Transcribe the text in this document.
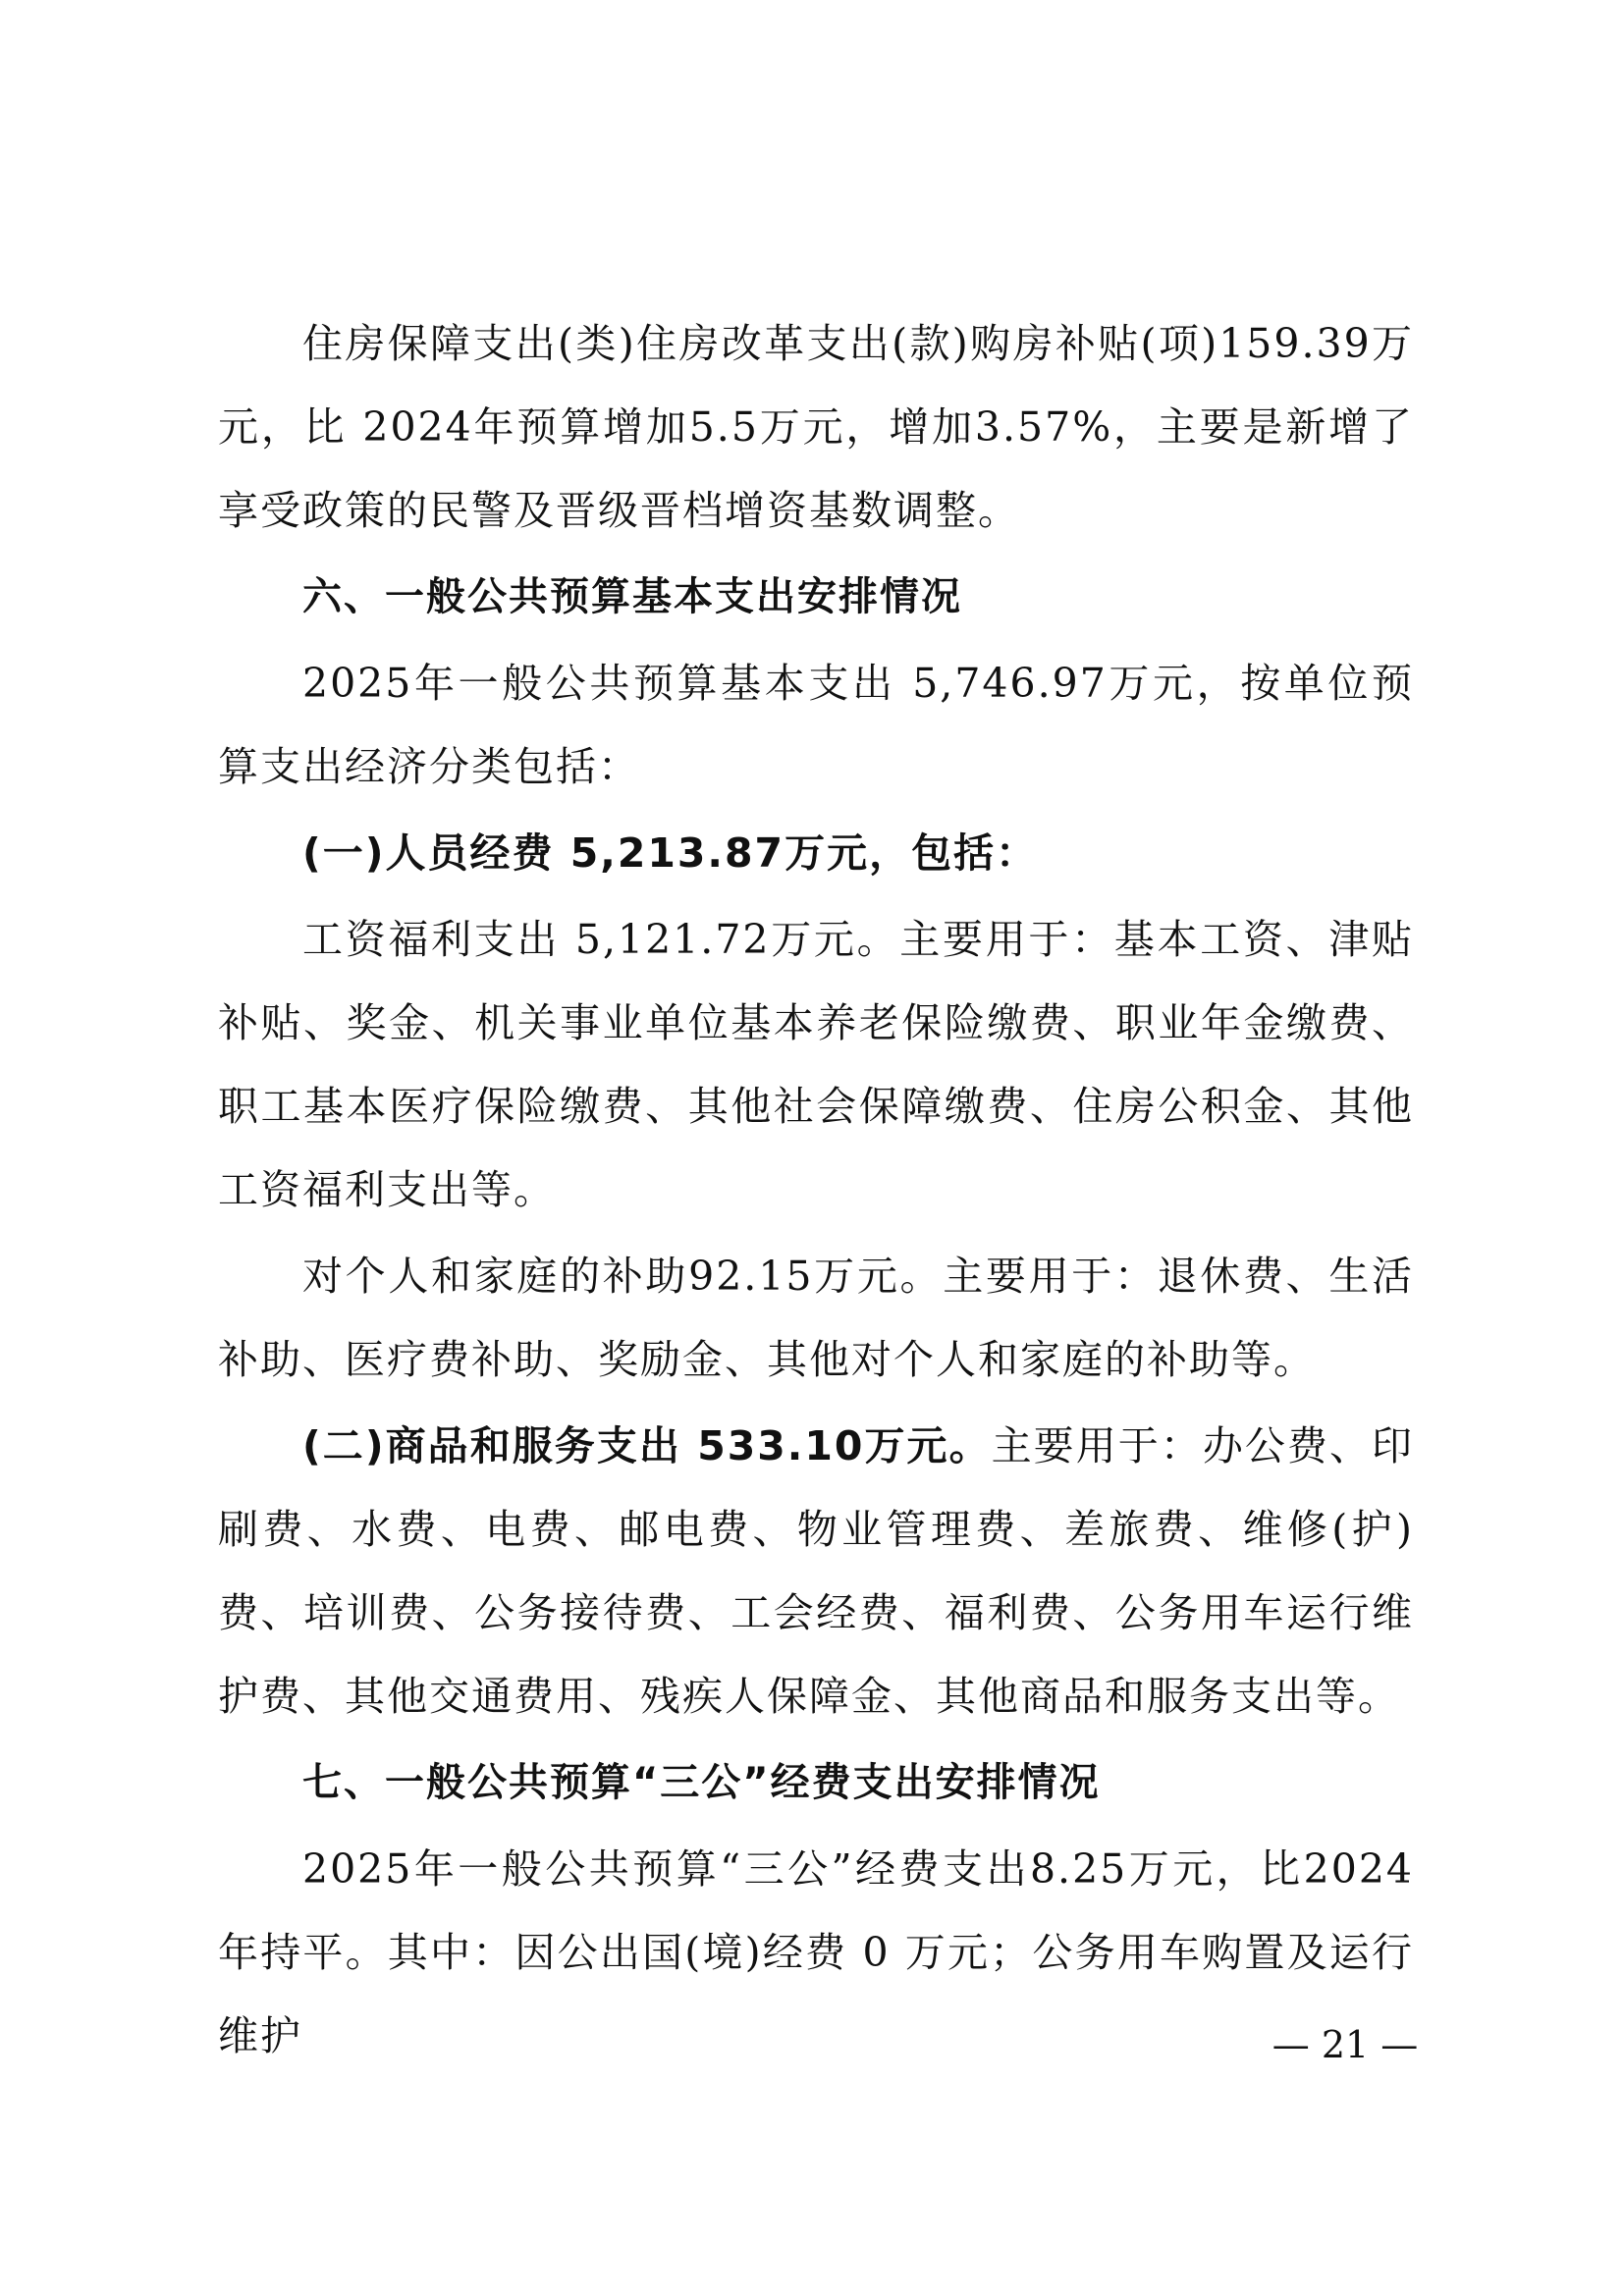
住房保障支出(类)住房改革支出(款)购房补贴(项)159.39万元，比 2024年预算增加5.5万元，增加3.57%，主要是新增了享受政策的民警及晋级晋档增资基数调整。

六、一般公共预算基本支出安排情况

2025年一般公共预算基本支出 5,746.97万元，按单位预算支出经济分类包括：

(一)人员经费 5,213.87万元，包括：

工资福利支出 5,121.72万元。主要用于：基本工资、津贴补贴、奖金、机关事业单位基本养老保险缴费、职业年金缴费、职工基本医疗保险缴费、其他社会保障缴费、住房公积金、其他工资福利支出等。

对个人和家庭的补助92.15万元。主要用于：退休费、生活补助、医疗费补助、奖励金、其他对个人和家庭的补助等。

(二)商品和服务支出 533.10万元。主要用于：办公费、印刷费、水费、电费、邮电费、物业管理费、差旅费、维修(护)费、培训费、公务接待费、工会经费、福利费、公务用车运行维护费、其他交通费用、残疾人保障金、其他商品和服务支出等。

七、一般公共预算“三公”经费支出安排情况

2025年一般公共预算“三公”经费支出8.25万元，比2024年持平。其中：因公出国(境)经费 0 万元；公务用车购置及运行维护	— 21 —
